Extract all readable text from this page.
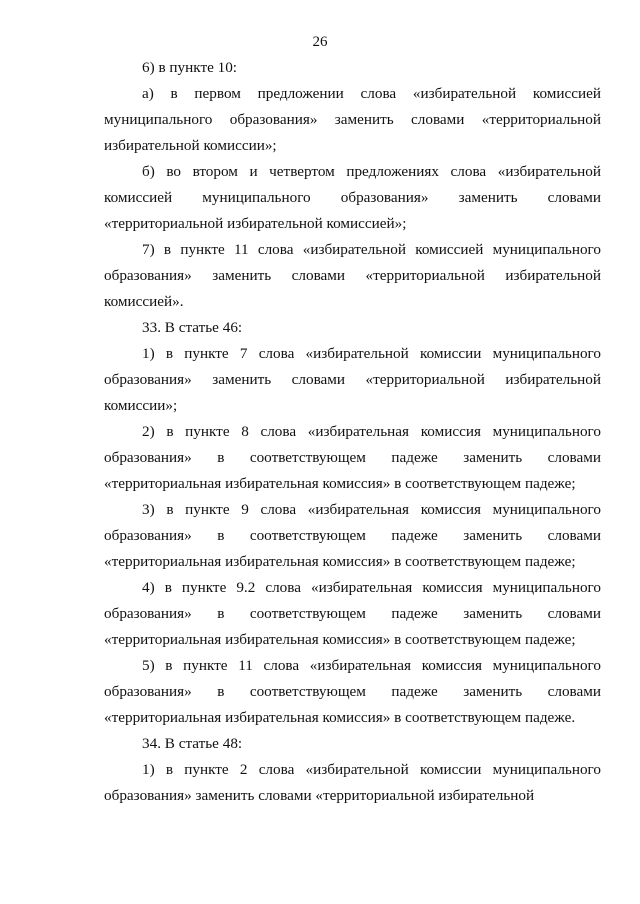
26

6) в пункте 10:

а) в первом предложении слова «избирательной комиссией муниципального образования» заменить словами «территориальной избирательной комиссии»;

б) во втором и четвертом предложениях слова «избирательной комиссией муниципального образования» заменить словами «территориальной избирательной комиссией»;

7) в пункте 11 слова «избирательной комиссией муниципального образования» заменить словами «территориальной избирательной комиссией».

33. В статье 46:

1) в пункте 7 слова «избирательной комиссии муниципального образования» заменить словами «территориальной избирательной комиссии»;

2) в пункте 8 слова «избирательная комиссия муниципального образования» в соответствующем падеже заменить словами «территориальная избирательная комиссия» в соответствующем падеже;

3) в пункте 9 слова «избирательная комиссия муниципального образования» в соответствующем падеже заменить словами «территориальная избирательная комиссия» в соответствующем падеже;

4) в пункте 9.2 слова «избирательная комиссия муниципального образования» в соответствующем падеже заменить словами «территориальная избирательная комиссия» в соответствующем падеже;

5) в пункте 11 слова «избирательная комиссия муниципального образования» в соответствующем падеже заменить словами «территориальная избирательная комиссия» в соответствующем падеже.

34. В статье 48:

1) в пункте 2 слова «избирательной комиссии муниципального образования» заменить словами «территориальной избирательной
